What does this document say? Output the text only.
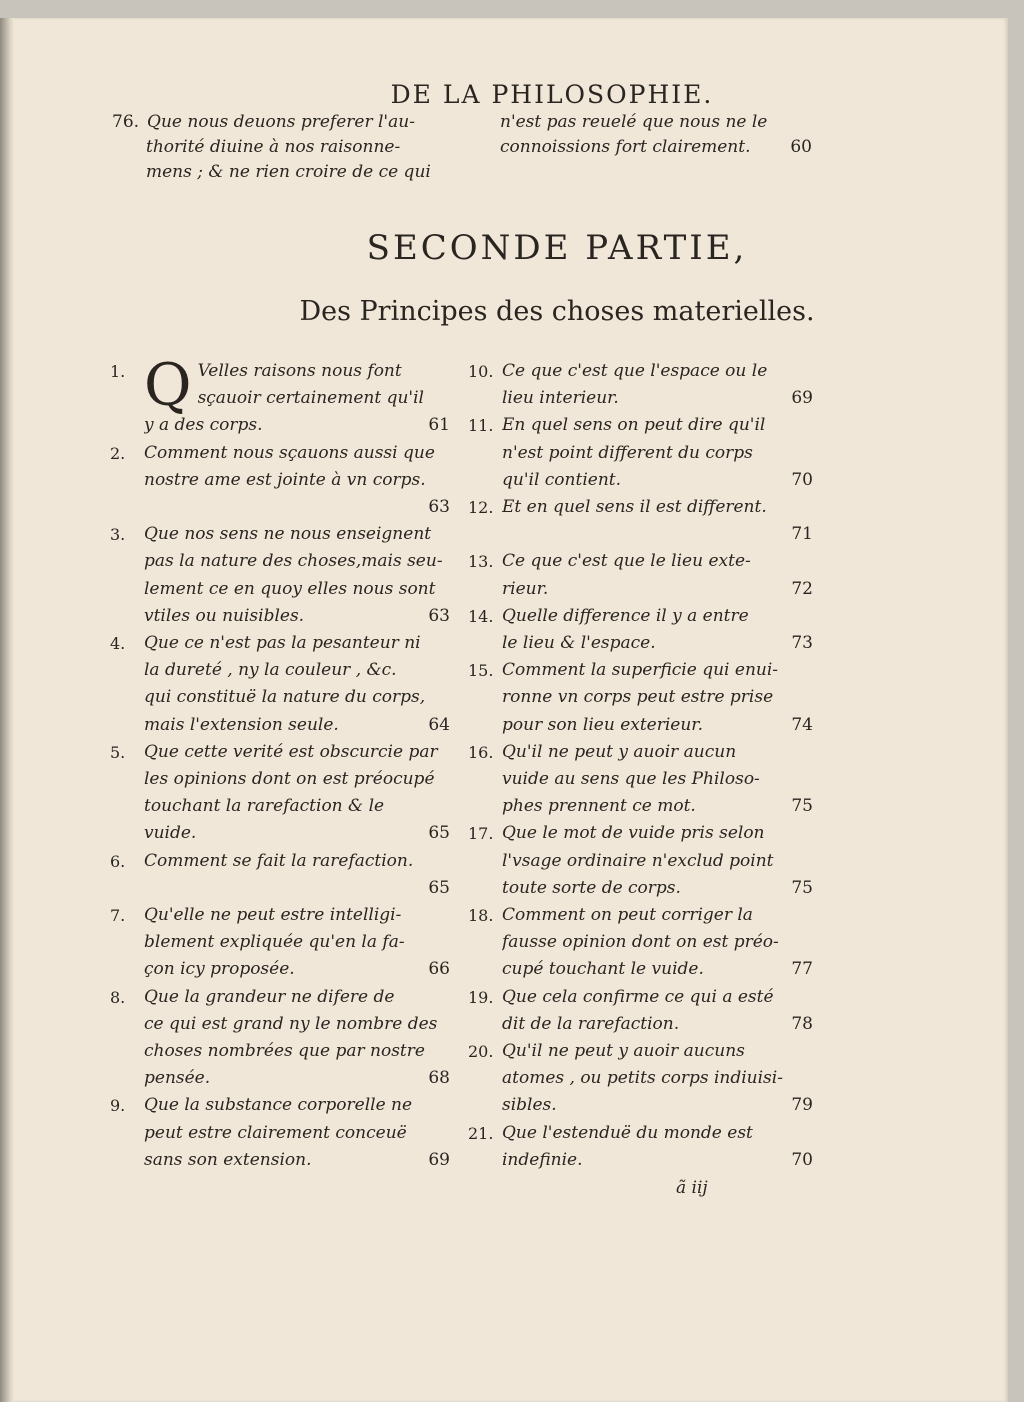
DE LA PHILOSOPHIE.
76. Que nous deuons preferer l'au-
thorité diuine à nos raisonne-
mens ; & ne rien croire de ce qui
n'est pas reuelé que nous ne le
connoissions fort clairement.	60
SECONDE PARTIE,
Des Principes des choses materielles.
1. Q Velles raisons nous font
sçauoir certainement qu'il
y a des corps.	61
2. Comment nous sçauons aussi que
nostre ame est jointe à vn corps.
63
3. Que nos sens ne nous enseignent
pas la nature des choses,mais seu-
lement ce en quoy elles nous sont
vtiles ou nuisibles.	63
4. Que ce n'est pas la pesanteur ni
la dureté , ny la couleur , &c.
qui constituë la nature du corps,
mais l'extension seule.	64
5. Que cette verité est obscurcie par
les opinions dont on est préocupé
touchant la rarefaction & le
vuide.	65
6. Comment se fait la rarefaction.
65
7. Qu'elle ne peut estre intelligi-
blement expliquée qu'en la fa-
çon icy proposée.	66
8. Que la grandeur ne difere de
ce qui est grand ny le nombre des
choses nombrées que par nostre
pensée.	68
9. Que la substance corporelle ne
peut estre clairement conceuë
sans son extension.	69
10. Ce que c'est que l'espace ou le
lieu interieur.	69
11. En quel sens on peut dire qu'il
n'est point different du corps
qu'il contient.	70
12. Et en quel sens il est different.
71
13. Ce que c'est que le lieu exte-
rieur.	72
14. Quelle difference il y a entre
le lieu & l'espace.	73
15. Comment la superficie qui enui-
ronne vn corps peut estre prise
pour son lieu exterieur.	74
16. Qu'il ne peut y auoir aucun
vuide au sens que les Philoso-
phes prennent ce mot.	75
17. Que le mot de vuide pris selon
l'vsage ordinaire n'exclud point
toute sorte de corps.	75
18. Comment on peut corriger la
fausse opinion dont on est préo-
cupé touchant le vuide.	77
19. Que cela confirme ce qui a esté
dit de la rarefaction.	78
20. Qu'il ne peut y auoir aucuns
atomes , ou petits corps indiuisi-
sibles.	79
21. Que l'estenduë du monde est
indefinie.	70
ã iij
